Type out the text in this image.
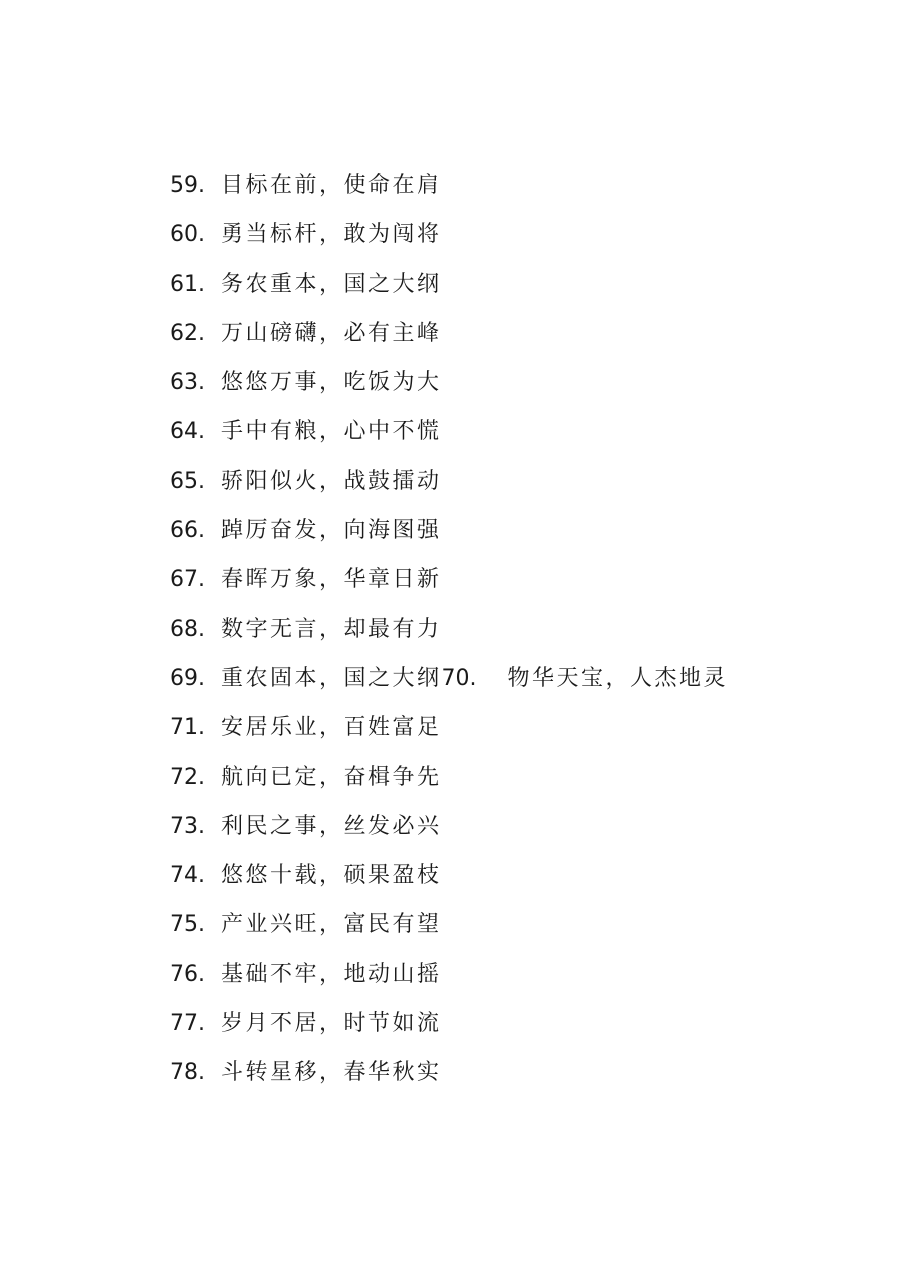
59. 目标在前，使命在肩
60. 勇当标杆，敢为闯将
61. 务农重本，国之大纲
62. 万山磅礴，必有主峰
63. 悠悠万事，吃饭为大
64. 手中有粮，心中不慌
65. 骄阳似火，战鼓擂动
66. 踔厉奋发，向海图强
67. 春晖万象，华章日新
68. 数字无言，却最有力
69. 重农固本，国之大纲70. 物华天宝，人杰地灵
71. 安居乐业，百姓富足
72. 航向已定，奋楫争先
73. 利民之事，丝发必兴
74. 悠悠十载，硕果盈枝
75. 产业兴旺，富民有望
76. 基础不牢，地动山摇
77. 岁月不居，时节如流
78. 斗转星移，春华秋实
